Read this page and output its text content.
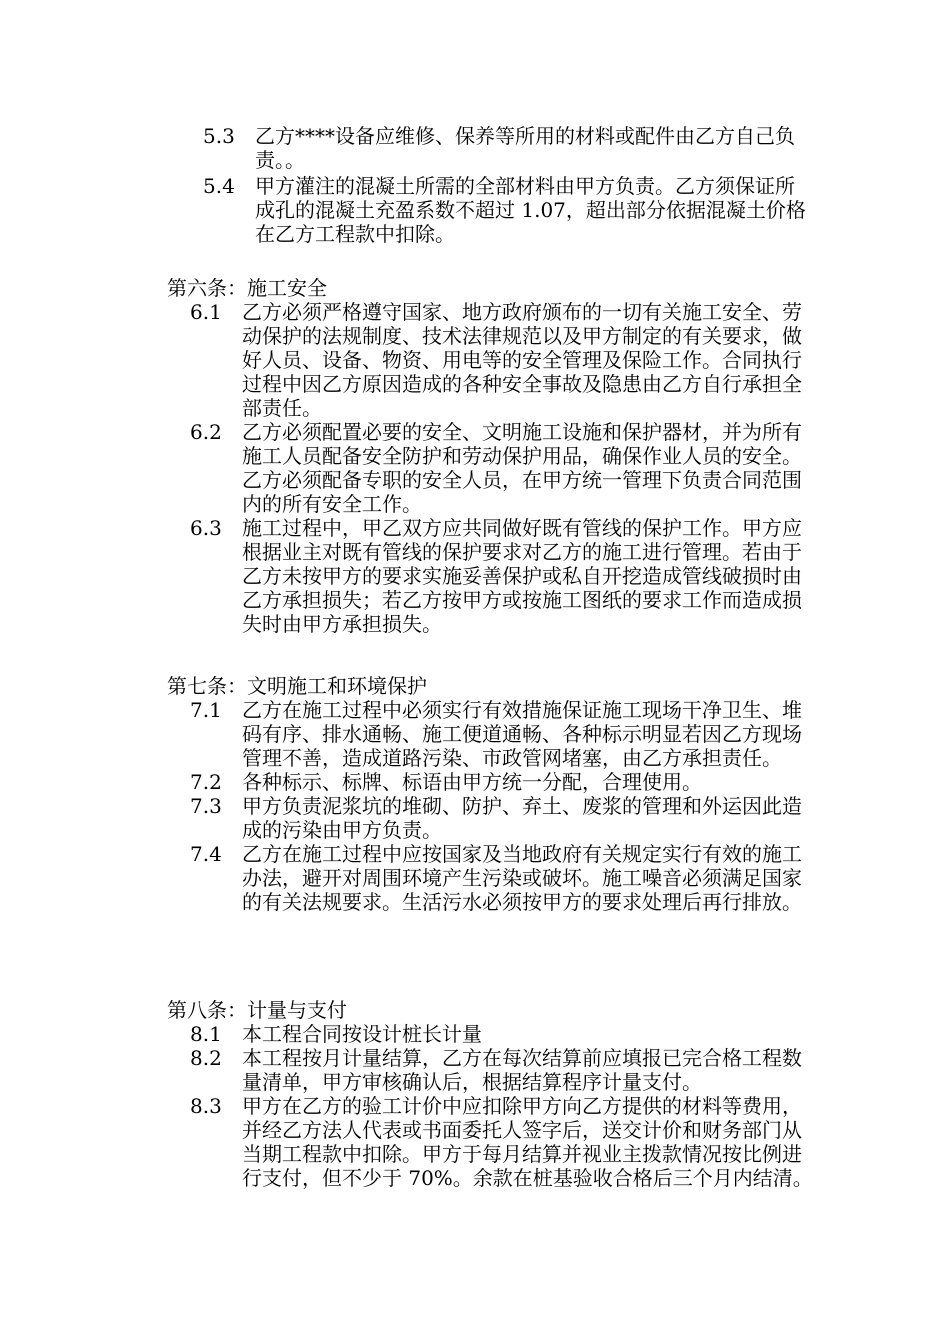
5.3 乙方****设备应维修、保养等所用的材料或配件由乙方自己负责。。
5.4 甲方灌注的混凝土所需的全部材料由甲方负责。乙方须保证所成孔的混凝土充盈系数不超过 1.07，超出部分依据混凝土价格在乙方工程款中扣除。
第六条：施工安全
6.1 乙方必须严格遵守国家、地方政府颁布的一切有关施工安全、劳动保护的法规制度、技术法律规范以及甲方制定的有关要求，做好人员、设备、物资、用电等的安全管理及保险工作。合同执行过程中因乙方原因造成的各种安全事故及隐患由乙方自行承担全部责任。
6.2 乙方必须配置必要的安全、文明施工设施和保护器材，并为所有施工人员配备安全防护和劳动保护用品，确保作业人员的安全。乙方必须配备专职的安全人员，在甲方统一管理下负责合同范围内的所有安全工作。
6.3 施工过程中，甲乙双方应共同做好既有管线的保护工作。甲方应根据业主对既有管线的保护要求对乙方的施工进行管理。若由于乙方未按甲方的要求实施妥善保护或私自开挖造成管线破损时由乙方承担损失；若乙方按甲方或按施工图纸的要求工作而造成损失时由甲方承担损失。
第七条：文明施工和环境保护
7.1 乙方在施工过程中必须实行有效措施保证施工现场干净卫生、堆码有序、排水通畅、施工便道通畅、各种标示明显若因乙方现场管理不善，造成道路污染、市政管网堵塞，由乙方承担责任。
7.2 各种标示、标牌、标语由甲方统一分配，合理使用。
7.3 甲方负责泥浆坑的堆砌、防护、弃土、废浆的管理和外运因此造成的污染由甲方负责。
7.4 乙方在施工过程中应按国家及当地政府有关规定实行有效的施工办法，避开对周围环境产生污染或破坏。施工噪音必须满足国家的有关法规要求。生活污水必须按甲方的要求处理后再行排放。
第八条：计量与支付
8.1 本工程合同按设计桩长计量
8.2 本工程按月计量结算，乙方在每次结算前应填报已完合格工程数量清单，甲方审核确认后，根据结算程序计量支付。
8.3 甲方在乙方的验工计价中应扣除甲方向乙方提供的材料等费用，并经乙方法人代表或书面委托人签字后，送交计价和财务部门从当期工程款中扣除。甲方于每月结算并视业主拨款情况按比例进行支付，但不少于 70%。余款在桩基验收合格后三个月内结清。
